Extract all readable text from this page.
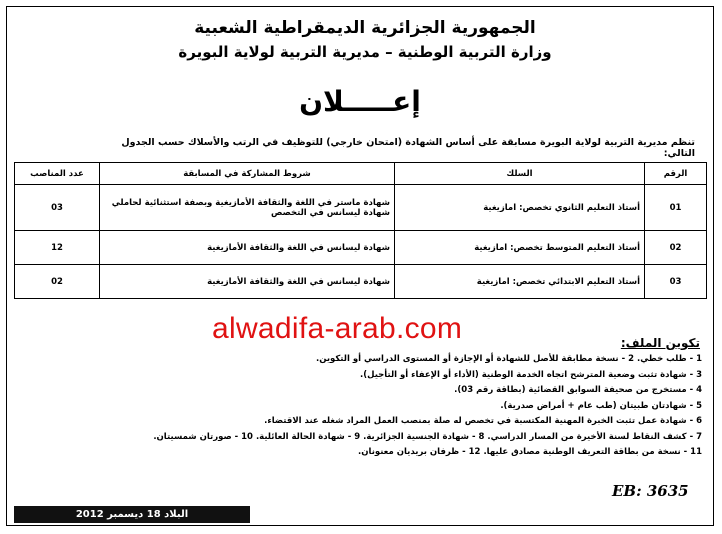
الجمهورية الجزائرية الديمقراطية الشعبية
وزارة التربية الوطنية – مديرية التربية لولاية البويرة
إعـــــلان
تنظم مديرية التربية لولاية البويرة مسابقة على أساس الشهادة (امتحان خارجي) للتوظيف في الرتب والأسلاك حسب الجدول التالي:
الرقم	السلك	شروط المشاركة في المسابقة	عدد المناصب
01	أستاذ التعليم الثانوي تخصص: امازيغية	شهادة ماستر في اللغة والثقافة الأمازيغية وبصفة استثنائية لحاملي شهادة ليسانس في التخصص	03
02	أستاذ التعليم المتوسط تخصص: امازيغية	شهادة ليسانس في اللغة والثقافة الأمازيغية	12
03	أستاذ التعليم الابتدائي تخصص: امازيغية	شهادة ليسانس في اللغة والثقافة الأمازيغية	02
alwadifa-arab.com	تكوين الملف:
1 - طلب خطي. 2 - نسخة مطابقة للأصل للشهادة أو الإجازة أو المستوى الدراسي أو التكوين.
3 - شهادة تثبت وضعية المترشح اتجاه الخدمة الوطنية (الأداء أو الإعفاء أو التأجيل).
4 - مستخرج من صحيفة السوابق القضائية (بطاقة رقم 03).
5 - شهادتان طبيتان (طب عام + أمراض صدرية).
6 - شهادة عمل تثبت الخبرة المهنية المكتسبة في تخصص له صلة بمنصب العمل المراد شغله عند الاقتضاء.
7 - كشف النقاط لسنة الأخيرة من المسار الدراسي. 8 - شهادة الجنسية الجزائرية. 9 - شهادة الحالة العائلية. 10 - صورتان شمسيتان.
11 - نسخة من بطاقة التعريف الوطنية مصادق عليها. 12 - ظرفان بريديان معنونان.
EB: 3635
البلاد 18 ديسمبر 2012
